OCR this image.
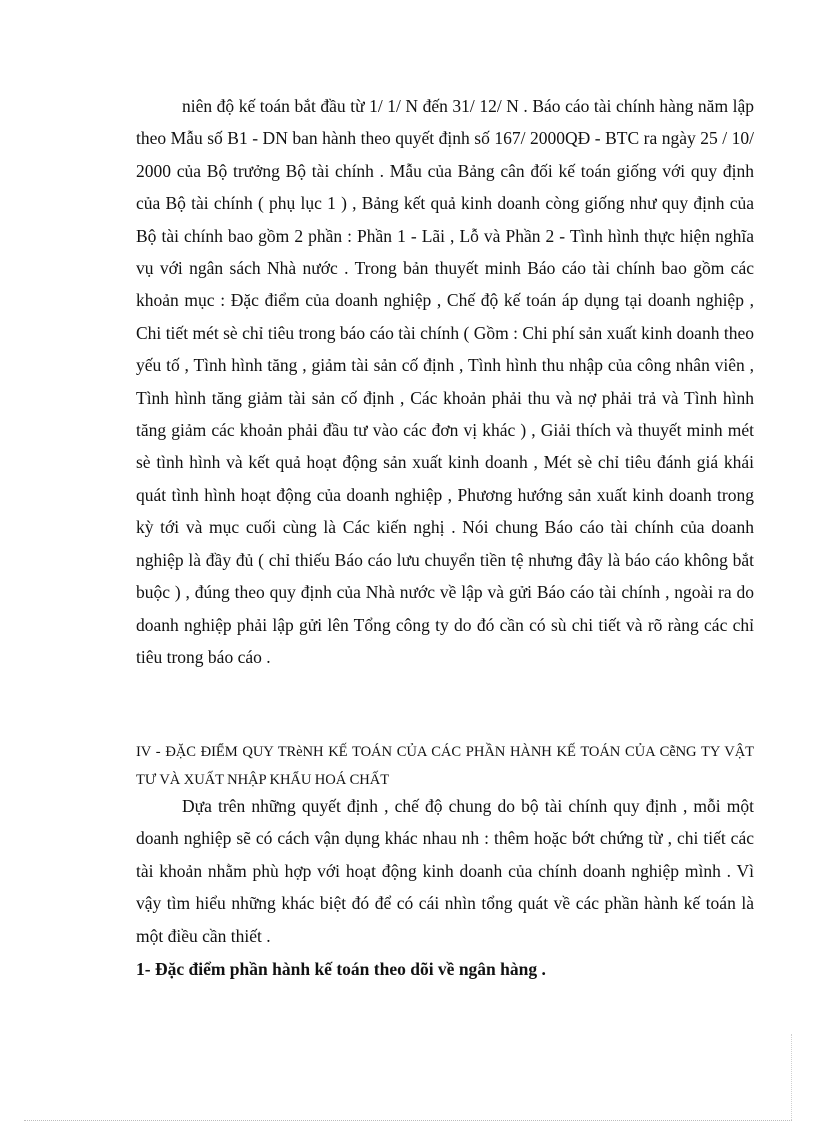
niên độ kế toán bắt đầu từ 1/ 1/ N đến 31/ 12/ N . Báo cáo tài chính hàng năm lập theo Mẫu số B1 - DN ban hành theo quyết định số 167/ 2000QĐ - BTC ra ngày 25 / 10/ 2000 của Bộ trưởng Bộ tài chính . Mẫu của Bảng cân đối kế toán giống với quy định của Bộ tài chính ( phụ lục 1 ) , Bảng kết quả kinh doanh còng giống như quy định của Bộ tài chính bao gồm 2 phần : Phần 1 - Lãi , Lỗ và Phần 2 - Tình hình thực hiện nghĩa vụ với ngân sách Nhà nước . Trong bản thuyết minh Báo cáo tài chính bao gồm các khoản mục : Đặc điểm của doanh nghiệp , Chế độ kế toán áp dụng tại doanh nghiệp , Chi tiết mét sè chỉ tiêu trong báo cáo tài chính ( Gồm : Chi phí sản xuất kinh doanh theo yếu tố , Tình hình tăng , giảm tài sản cố định , Tình hình thu nhập của công nhân viên , Tình hình tăng giảm tài sản cố định , Các khoản phải thu và nợ phải trả và Tình hình tăng giảm các khoản phải đầu tư vào các đơn vị khác ) , Giải thích và thuyết minh mét sè tình hình và kết quả hoạt động sản xuất kinh doanh , Mét sè chỉ tiêu đánh giá khái quát tình hình hoạt động của doanh nghiệp , Phương hướng sản xuất kinh doanh trong kỳ tới và mục cuối cùng là Các kiến nghị . Nói chung Báo cáo tài chính của doanh nghiệp là đầy đủ ( chỉ thiếu Báo cáo lưu chuyển tiền tệ nhưng đây là báo cáo không bắt buộc ) , đúng theo quy định của Nhà nước về lập và gửi Báo cáo tài chính , ngoài ra do doanh nghiệp phải lập gửi lên Tổng công ty do đó cần có sù chi tiết và rõ ràng các chỉ tiêu trong báo cáo .

IV - ĐẶC ĐIỂM QUY TRèNH KẾ TOÁN CỦA CÁC PHẦN HÀNH KẾ TOÁN CỦA CễNG TY VẬT TƯ VÀ XUẤT NHẬP KHẨU HOÁ CHẤT

Dựa trên những quyết định , chế độ chung do bộ tài chính quy định , mỗi một doanh nghiệp sẽ có cách vận dụng khác nhau nh : thêm hoặc bớt chứng từ , chi tiết các tài khoản nhằm phù hợp với hoạt động kinh doanh của chính doanh nghiệp mình . Vì vậy tìm hiểu những khác biệt đó để có cái nhìn tổng quát về các phần hành kế toán là một điều cần thiết .

1- Đặc điểm phần hành kế toán theo dõi về ngân hàng .
